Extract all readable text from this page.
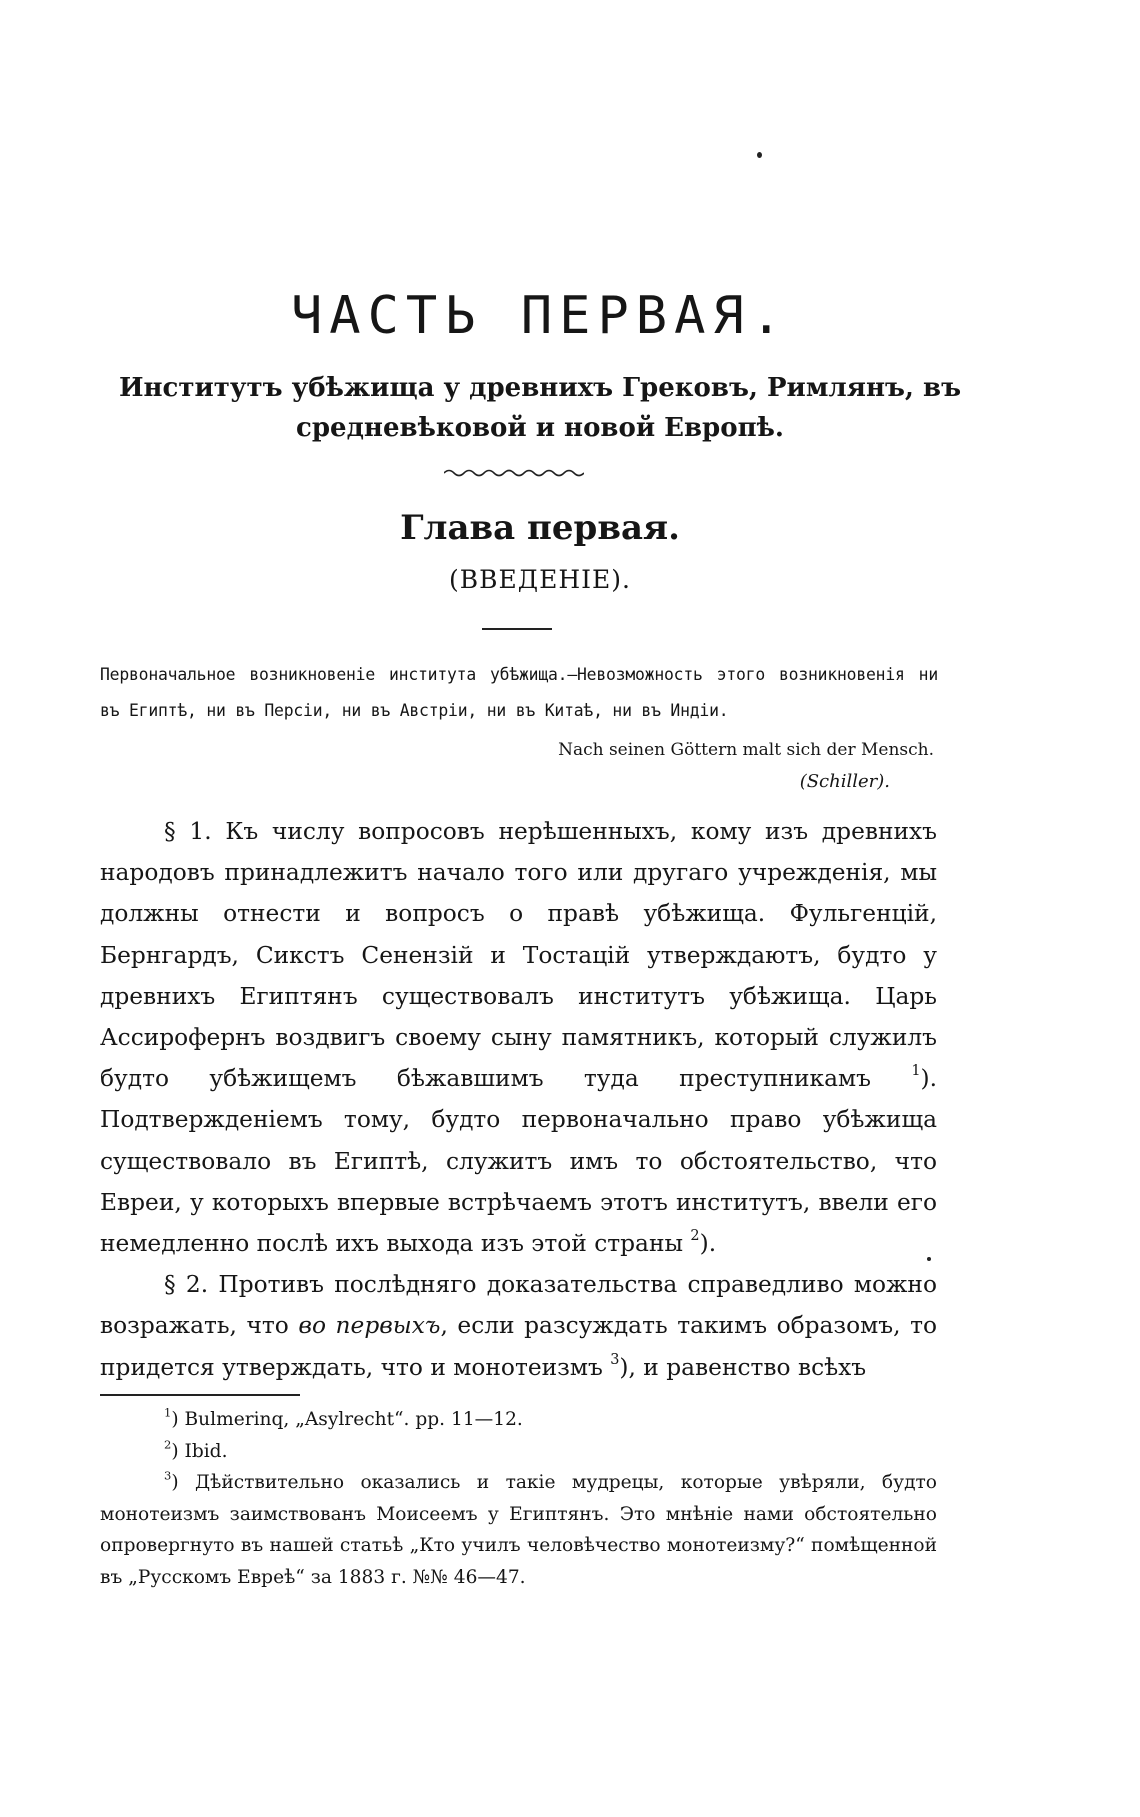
ЧАСТЬ ПЕРВАЯ.
Институтъ убѣжища у древнихъ Грековъ, Римлянъ, въ
средневѣковой и новой Европѣ.
Глава первая.
(ВВЕДЕНІЕ).

Первоначальное возникновеніе института убѣжища.—Невозможность этого возникновенія ни въ Египтѣ, ни въ Персіи, ни въ Австріи, ни въ Китаѣ, ни въ Индіи.

Nach seinen Göttern malt sich der Mensch.
(Schiller).

§ 1. Къ числу вопросовъ нерѣшенныхъ, кому изъ древнихъ народовъ принадлежитъ начало того или другаго учрежденія, мы должны отнести и вопросъ о правѣ убѣжища. Фульгенцій, Бернгардъ, Сикстъ Сенензій и Тостацій утверждаютъ, будто у древнихъ Египтянъ существовалъ институтъ убѣжища. Царь Ассирофернъ воздвигъ своему сыну памятникъ, который служилъ будто убѣжищемъ бѣжавшимъ туда преступникамъ	$^1$). Подтвержденіемъ тому, будто первоначально право убѣжища существовало въ Египтѣ, служитъ имъ то обстоятельство, что Евреи, у которыхъ впервые встрѣчаемъ этотъ институтъ, ввели его немедленно послѣ ихъ выхода изъ этой страны $^2$).

§ 2. Противъ послѣдняго доказательства справедливо можно возражать, что во первыхъ, если разсуждать такимъ образомъ, то придется утверждать, что и монотеизмъ $^3$), и равенство всѣхъ

$^1$) Bulmerinq, „Asylrecht“. pp. 11—12.

$^2$) Ibid.

$^3$) Дѣйствительно оказались и такіе мудрецы, которые увѣряли, будто монотеизмъ заимствованъ Моисеемъ у Египтянъ. Это мнѣніе нами обстоятельно опровергнуто въ нашей статьѣ „Кто училъ человѣчество монотеизму?“ помѣщенной въ „Русскомъ Евреѣ“ за 1883 г. №№ 46—47.
